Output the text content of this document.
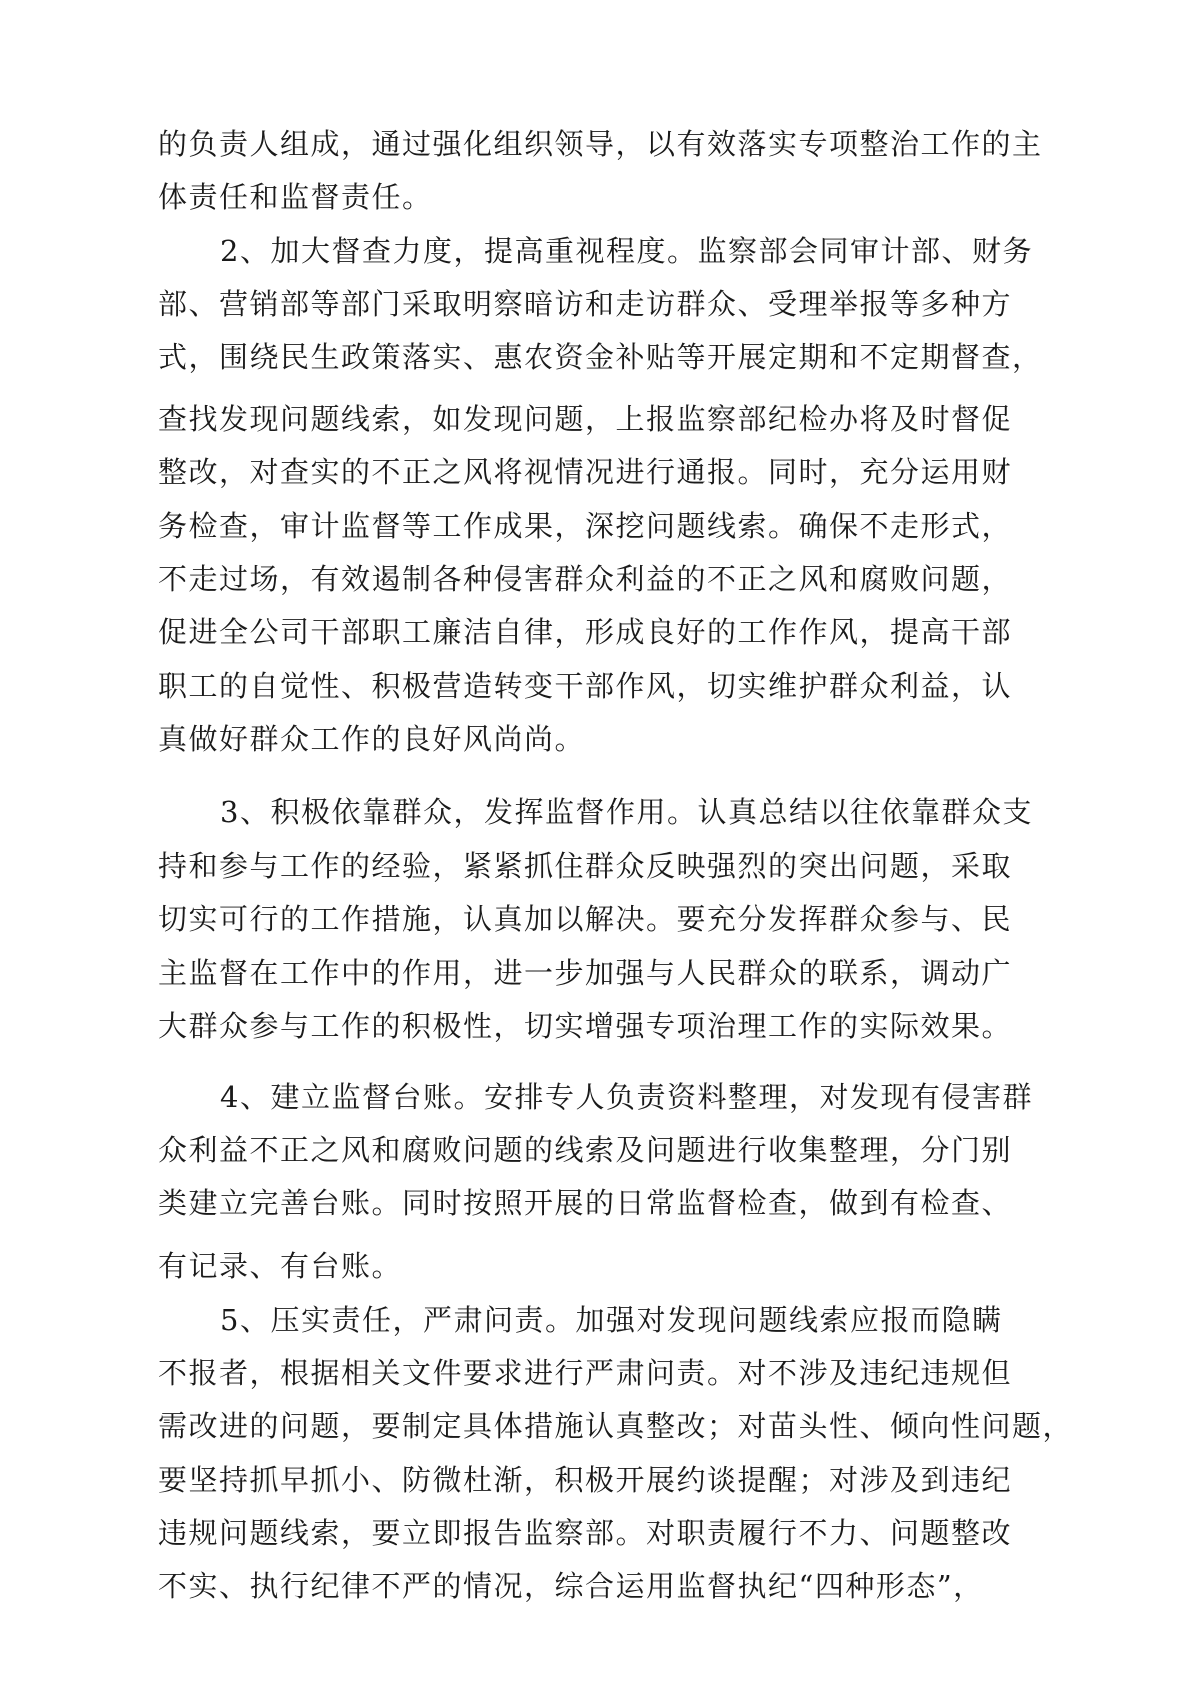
的负责人组成，通过强化组织领导，以有效落实专项整治工作的主
体责任和监督责任。
2、加大督查力度，提高重视程度。监察部会同审计部、财务
部、营销部等部门采取明察暗访和走访群众、受理举报等多种方
式，围绕民生政策落实、惠农资金补贴等开展定期和不定期督查，
查找发现问题线索，如发现问题，上报监察部纪检办将及时督促
整改，对查实的不正之风将视情况进行通报。同时，充分运用财
务检查，审计监督等工作成果，深挖问题线索。确保不走形式，
不走过场，有效遏制各种侵害群众利益的不正之风和腐败问题，
促进全公司干部职工廉洁自律，形成良好的工作作风，提高干部
职工的自觉性、积极营造转变干部作风，切实维护群众利益，认
真做好群众工作的良好风尚尚。
3、积极依靠群众，发挥监督作用。认真总结以往依靠群众支
持和参与工作的经验，紧紧抓住群众反映强烈的突出问题，采取
切实可行的工作措施，认真加以解决。要充分发挥群众参与、民
主监督在工作中的作用，进一步加强与人民群众的联系，调动广
大群众参与工作的积极性，切实增强专项治理工作的实际效果。
4、建立监督台账。安排专人负责资料整理，对发现有侵害群
众利益不正之风和腐败问题的线索及问题进行收集整理，分门别
类建立完善台账。同时按照开展的日常监督检查，做到有检查、
有记录、有台账。
5、压实责任，严肃问责。加强对发现问题线索应报而隐瞒
不报者，根据相关文件要求进行严肃问责。对不涉及违纪违规但
需改进的问题，要制定具体措施认真整改；对苗头性、倾向性问题，
要坚持抓早抓小、防微杜渐，积极开展约谈提醒；对涉及到违纪
违规问题线索，要立即报告监察部。对职责履行不力、问题整改
不实、执行纪律不严的情况，综合运用监督执纪“四种形态”，
